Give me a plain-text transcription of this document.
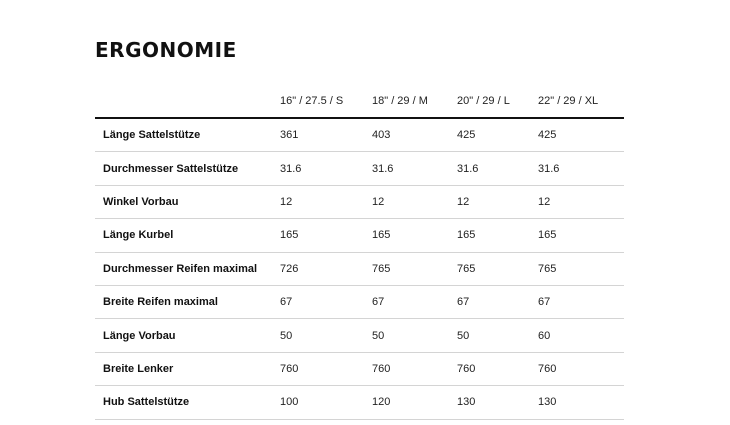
ERGONOMIE
	16" / 27.5 / S	18" / 29 / M	20" / 29 / L	22" / 29 / XL
Länge Sattelstütze	361	403	425	425
Durchmesser Sattelstütze	31.6	31.6	31.6	31.6
Winkel Vorbau	12	12	12	12
Länge Kurbel	165	165	165	165
Durchmesser Reifen maximal	726	765	765	765
Breite Reifen maximal	67	67	67	67
Länge Vorbau	50	50	50	60
Breite Lenker	760	760	760	760
Hub Sattelstütze	100	120	130	130
